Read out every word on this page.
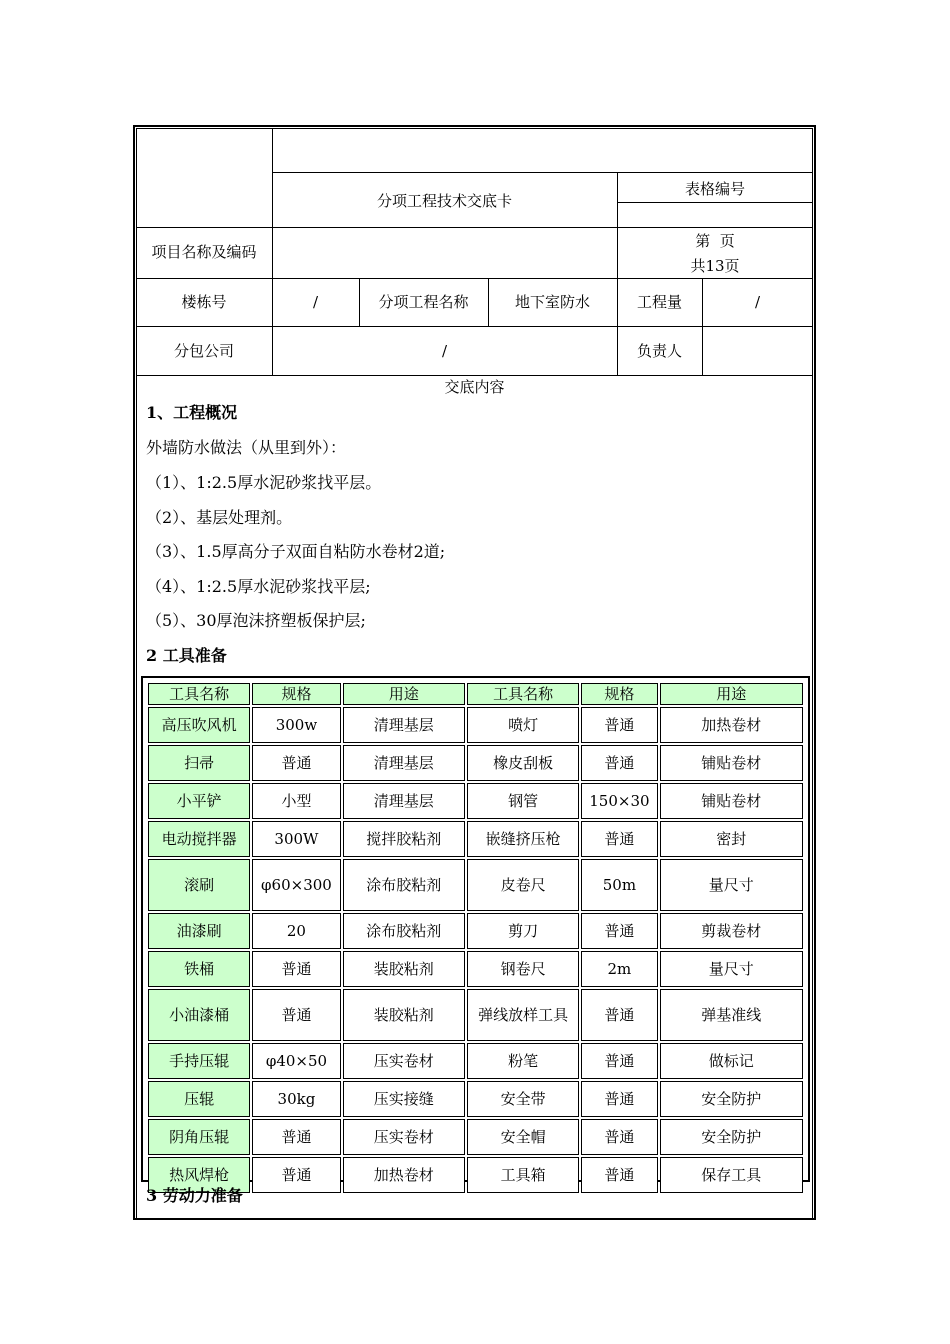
分项工程技术交底卡
表格编号
项目名称及编码
第  页
共13页
楼栋号	/	分项工程名称	地下室防水	工程量	/
分包公司	/	负责人
交底内容
1、工程概况
外墙防水做法（从里到外）：
（1）、1:2.5厚水泥砂浆找平层。
（2）、基层处理剂。
（3）、1.5厚高分子双面自粘防水卷材2道;
（4）、1:2.5厚水泥砂浆找平层;
（5）、30厚泡沫挤塑板保护层;
2 工具准备
工具名称	规格	用途	工具名称	规格	用途
高压吹风机	300w	清理基层	喷灯	普通	加热卷材
扫帚	普通	清理基层	橡皮刮板	普通	铺贴卷材
小平铲	小型	清理基层	钢管	150×30	铺贴卷材
电动搅拌器	300W	搅拌胶粘剂	嵌缝挤压枪	普通	密封
滚刷	φ60×300	涂布胶粘剂	皮卷尺	50m	量尺寸
油漆刷	20	涂布胶粘剂	剪刀	普通	剪裁卷材
铁桶	普通	装胶粘剂	钢卷尺	2m	量尺寸
小油漆桶	普通	装胶粘剂	弹线放样工具	普通	弹基准线
手持压辊	φ40×50	压实卷材	粉笔	普通	做标记
压辊	30kg	压实接缝	安全带	普通	安全防护
阴角压辊	普通	压实卷材	安全帽	普通	安全防护
热风焊枪	普通	加热卷材	工具箱	普通	保存工具
3 劳动力准备
